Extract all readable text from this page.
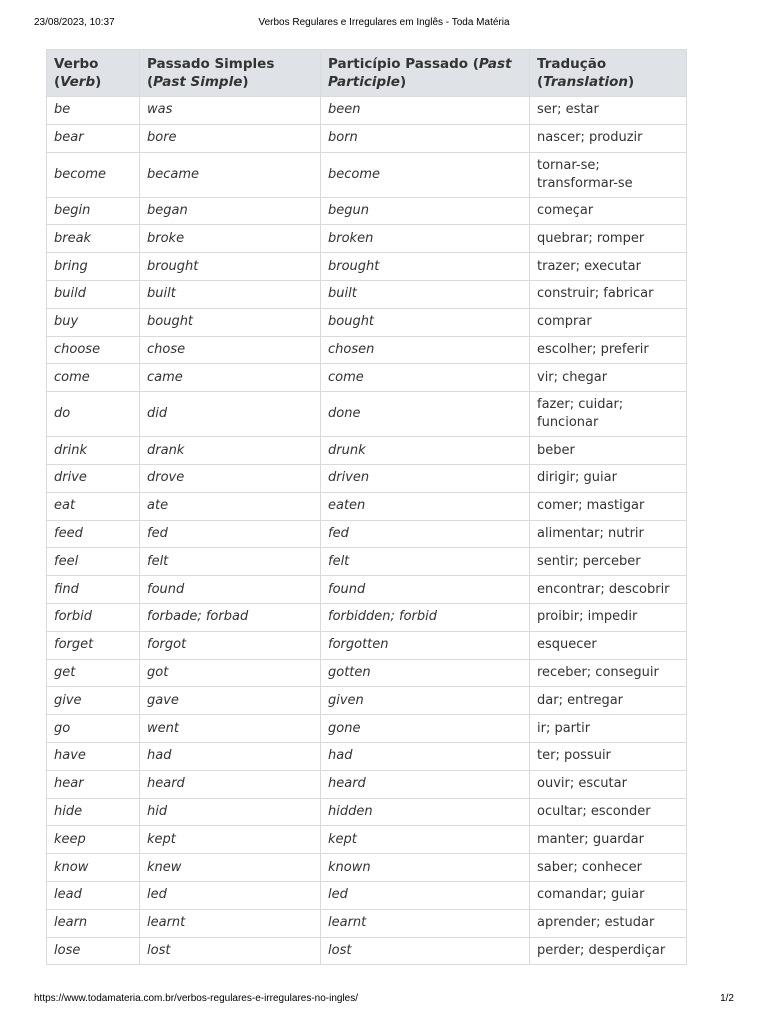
23/08/2023, 10:37	Verbos Regulares e Irregulares em Inglês - Toda Matéria
Verbo (Verb)	Passado Simples (Past Simple)	Particípio Passado (Past Participle)	Tradução (Translation)
be	was	been	ser; estar
bear	bore	born	nascer; produzir
become	became	become	tornar-se; transformar-se
begin	began	begun	começar
break	broke	broken	quebrar; romper
bring	brought	brought	trazer; executar
build	built	built	construir; fabricar
buy	bought	bought	comprar
choose	chose	chosen	escolher; preferir
come	came	come	vir; chegar
do	did	done	fazer; cuidar; funcionar
drink	drank	drunk	beber
drive	drove	driven	dirigir; guiar
eat	ate	eaten	comer; mastigar
feed	fed	fed	alimentar; nutrir
feel	felt	felt	sentir; perceber
find	found	found	encontrar; descobrir
forbid	forbade; forbad	forbidden; forbid	proibir; impedir
forget	forgot	forgotten	esquecer
get	got	gotten	receber; conseguir
give	gave	given	dar; entregar
go	went	gone	ir; partir
have	had	had	ter; possuir
hear	heard	heard	ouvir; escutar
hide	hid	hidden	ocultar; esconder
keep	kept	kept	manter; guardar
know	knew	known	saber; conhecer
lead	led	led	comandar; guiar
learn	learnt	learnt	aprender; estudar
lose	lost	lost	perder; desperdiçar
https://www.todamateria.com.br/verbos-regulares-e-irregulares-no-ingles/	1/2
